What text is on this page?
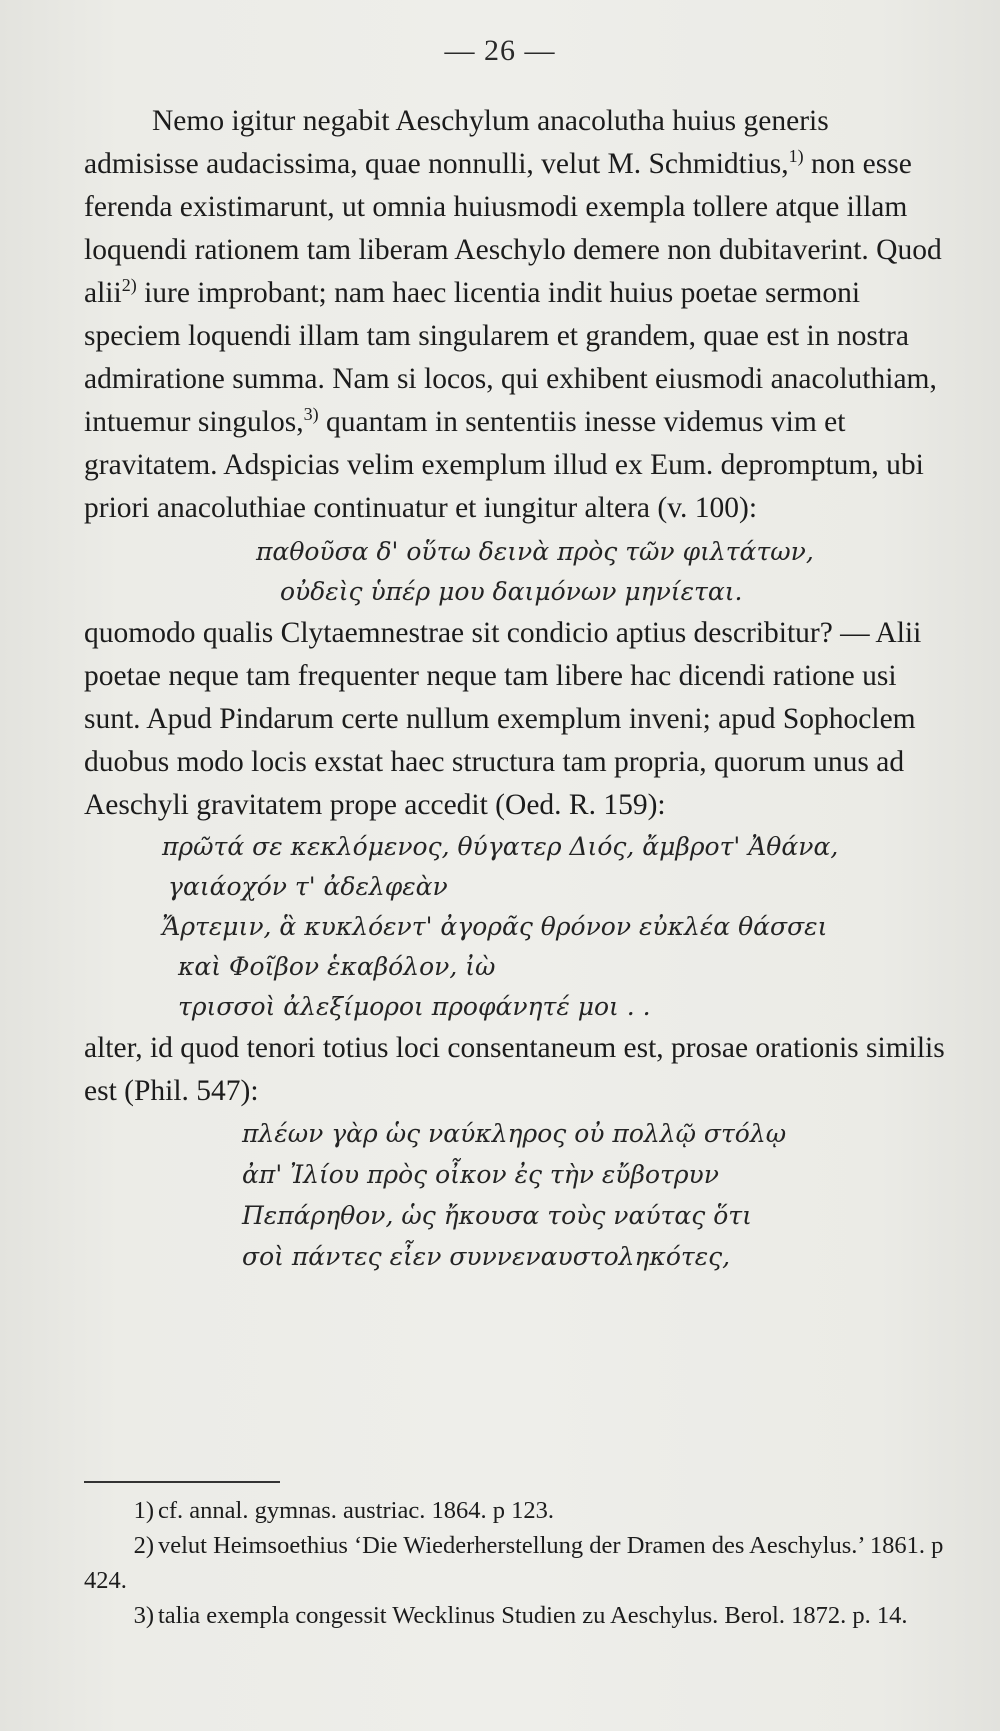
— 26 —

Nemo igitur negabit Aeschylum anacolutha huius generis admisisse audacissima, quae nonnulli, velut M. Schmidtius,$^{1)}$ non esse ferenda existimarunt, ut omnia huiusmodi exempla tollere atque illam loquendi rationem tam liberam Aeschylo demere non dubitaverint. Quod alii$^{2)}$ iure improbant; nam haec licentia indit huius poetae sermoni speciem loquendi illam tam singularem et grandem, quae est in nostra admiratione summa. Nam si locos, qui exhibent eiusmodi anacoluthiam, intuemur singulos,$^{3)}$ quantam in sententiis inesse videmus vim et gravitatem. Adspicias velim exemplum illud ex Eum. depromptum, ubi priori anacoluthiae continuatur et iungitur altera (v. 100):

παθοῦσα δ' οὕτω δεινὰ πρὸς τῶν φιλτάτων,
οὐδεὶς ὑπέρ μου δαιμόνων μηνίεται.

quomodo qualis Clytaemnestrae sit condicio aptius describitur? — Alii poetae neque tam frequenter neque tam libere hac dicendi ratione usi sunt. Apud Pindarum certe nullum exemplum inveni; apud Sophoclem duobus modo locis exstat haec structura tam propria, quorum unus ad Aeschyli gravitatem prope accedit (Oed. R. 159):

πρῶτά σε κεκλόμενος, θύγατερ Διός, ἄμβροτ' Ἀθάνα,
γαιάοχόν τ' ἀδελφεὰν
Ἄρτεμιν, ἃ κυκλόεντ' ἀγορᾶς θρόνον εὐκλέα θάσσει
καὶ Φοῖβον ἑκαβόλον, ἰὼ
τρισσοὶ ἀλεξίμοροι προφάνητέ μοι . .

alter, id quod tenori totius loci consentaneum est, prosae orationis similis est (Phil. 547):

πλέων γὰρ ὡς ναύκληρος οὐ πολλῷ στόλῳ
ἀπ' Ἰλίου πρὸς οἶκον ἐς τὴν εὔβοτρυν
Πεπάρηθον, ὡς ἤκουσα τοὺς ναύτας ὅτι
σοὶ πάντες εἶεν συννεναυστοληκότες,

1) cf. annal. gymnas. austriac. 1864. p 123.

2) velut Heimsoethius ‘Die Wiederherstellung der Dramen des Aeschylus.’ 1861. p 424.

3) talia exempla congessit Wecklinus Studien zu Aeschylus. Berol. 1872. p. 14.
